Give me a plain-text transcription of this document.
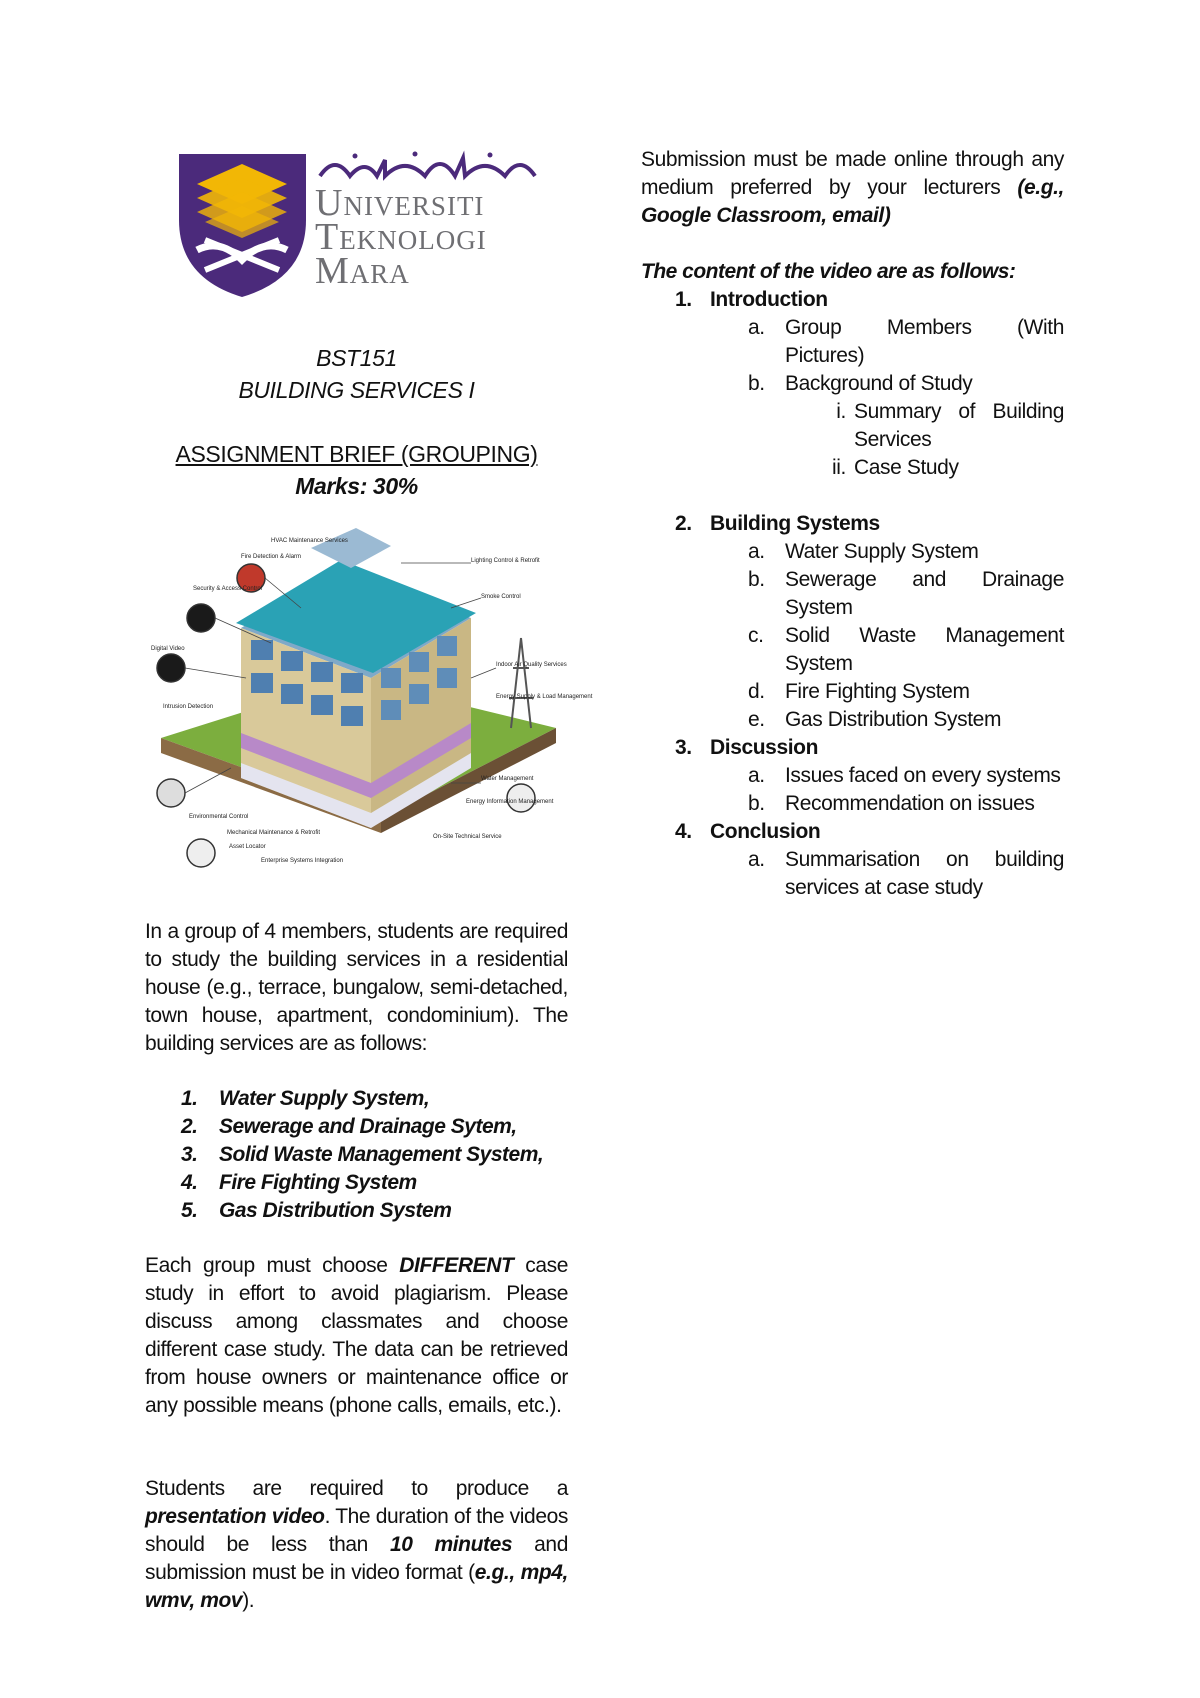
Universiti
Teknologi
Mara
BST151
BUILDING SERVICES I
ASSIGNMENT BRIEF (GROUPING)
Marks: 30%
HVAC Maintenance Services
Fire Detection & Alarm
Security & Access Control
Lighting Control & Retrofit
Smoke Control
Digital Video
Indoor Air Quality Services
Energy Supply & Load Management
Intrusion Detection
Environmental Control
Mechanical Maintenance & Retrofit
Asset Locator
Water Management
Energy Information Management
Enterprise Systems Integration
On-Site Technical Service

In a group of 4 members, students are required to study the building services in a residential house (e.g., terrace, bungalow, semi-detached, town house, apartment, condominium). The building services are as follows:

1.	Water Supply System,
2.	Sewerage and Drainage Sytem,
3.	Solid Waste Management System,
4.	Fire Fighting System
5.	Gas Distribution System

Each group must choose DIFFERENT case study in effort to avoid plagiarism. Please discuss among classmates and choose different case study. The data can be retrieved from house owners or maintenance office or any possible means (phone calls, emails, etc.).

Students are required to produce a presentation video. The duration of the videos should be less than 10 minutes and submission must be in video format (e.g., mp4, wmv, mov).

Submission must be made online through any medium preferred by your lecturers (e.g., Google Classroom, email)

The content of the video are as follows:
1. Introduction
a. Group Members (With Pictures)
b. Background of Study
i. Summary of Building Services
ii. Case Study
2. Building Systems
a. Water Supply System
b. Sewerage and Drainage System
c.	Solid Waste Management System
d. Fire Fighting System
e. Gas Distribution System
3. Discussion
a. Issues faced on every systems
b. Recommendation on issues
4. Conclusion
a. Summarisation on building services at case study
